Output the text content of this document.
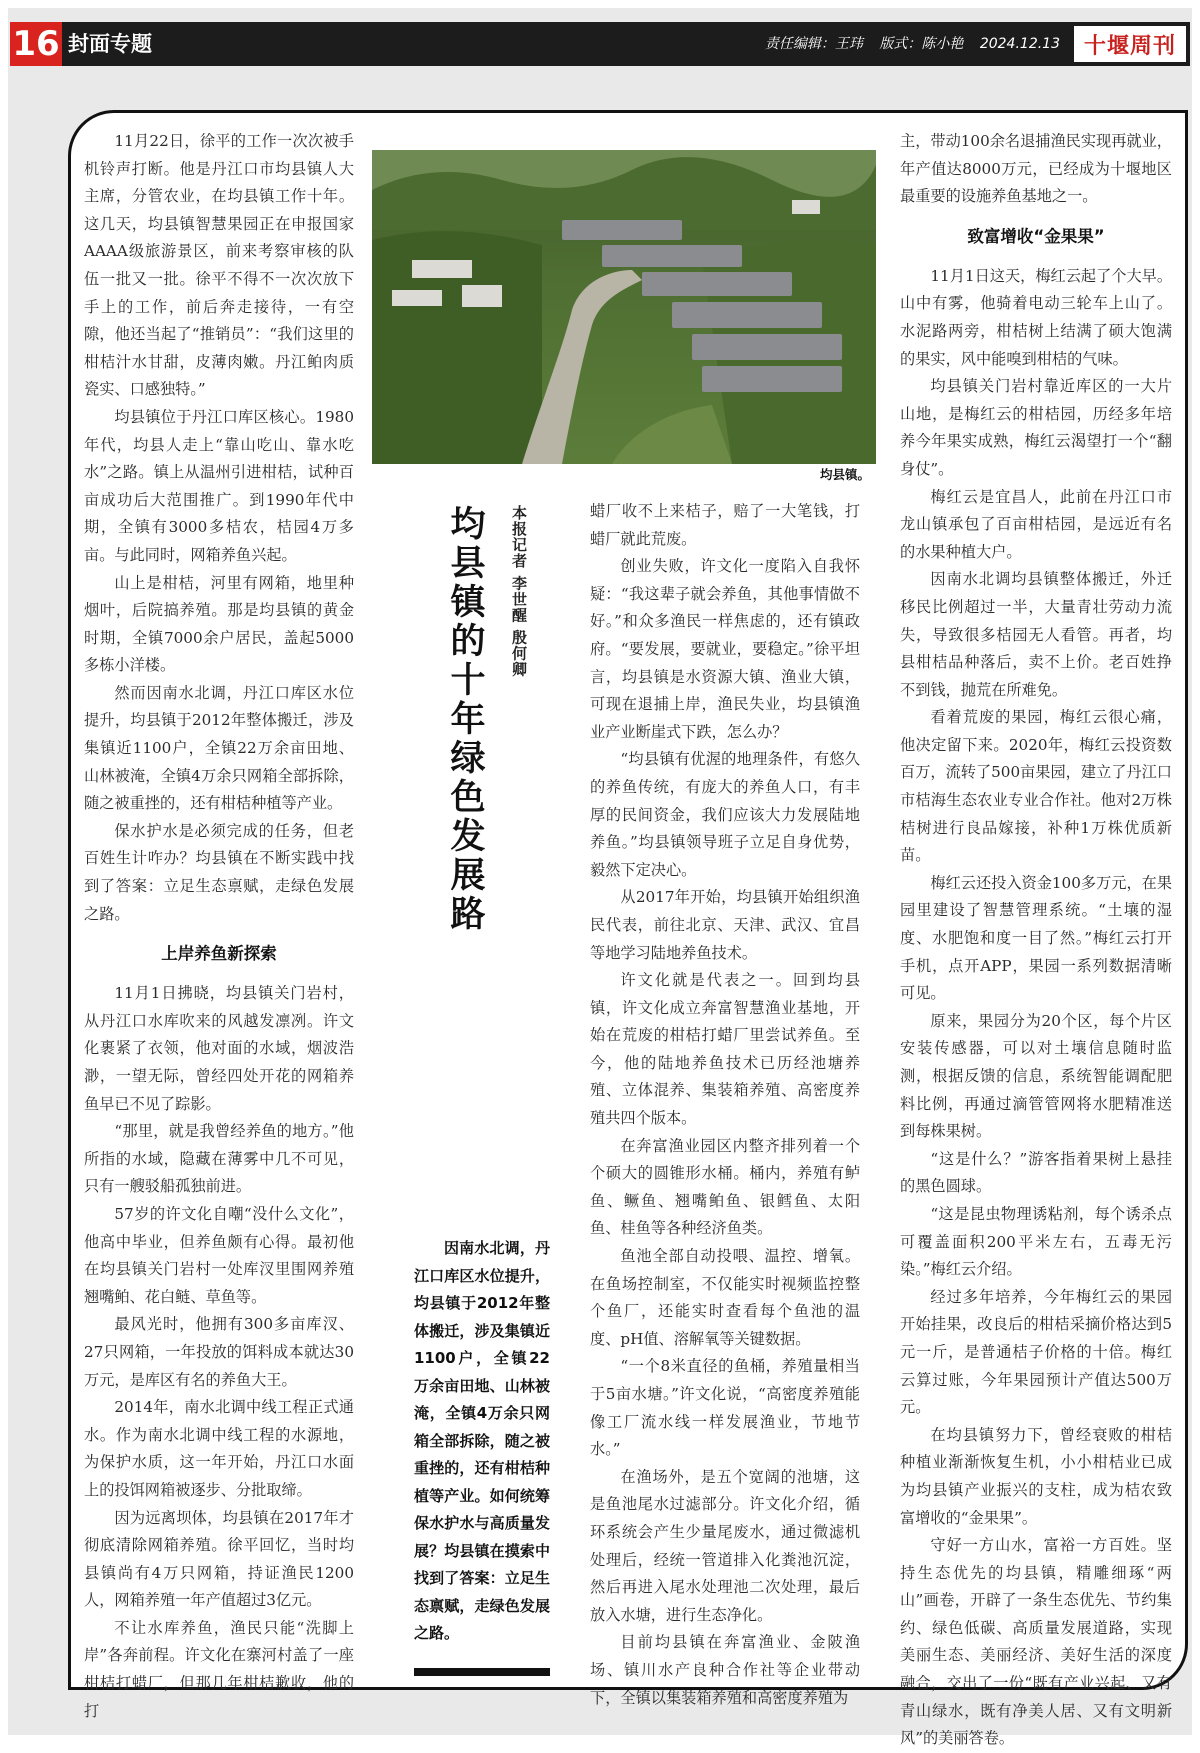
16 封面专题	责任编辑：王玮 版式：陈小艳 2024.12.13	十堰周刊

11月22日，徐平的工作一次次被手机铃声打断。他是丹江口市均县镇人大主席，分管农业，在均县镇工作十年。这几天，均县镇智慧果园正在申报国家AAAA级旅游景区，前来考察审核的队伍一批又一批。徐平不得不一次次放下手上的工作，前后奔走接待，一有空隙，他还当起了“推销员”：“我们这里的柑桔汁水甘甜，皮薄肉嫩。丹江鲌肉质瓷实、口感独特。”

均县镇位于丹江口库区核心。1980年代，均县人走上“靠山吃山、靠水吃水”之路。镇上从温州引进柑桔，试种百亩成功后大范围推广。到1990年代中期，全镇有3000多桔农，桔园4万多亩。与此同时，网箱养鱼兴起。

山上是柑桔，河里有网箱，地里种烟叶，后院搞养殖。那是均县镇的黄金时期，全镇7000余户居民，盖起5000多栋小洋楼。

然而因南水北调，丹江口库区水位提升，均县镇于2012年整体搬迁，涉及集镇近1100户，全镇22万余亩田地、山林被淹，全镇4万余只网箱全部拆除，随之被重挫的，还有柑桔种植等产业。

保水护水是必须完成的任务，但老百姓生计咋办？均县镇在不断实践中找到了答案：立足生态禀赋，走绿色发展之路。

上岸养鱼新探索

11月1日拂晓，均县镇关门岩村，从丹江口水库吹来的风越发凛冽。许文化裹紧了衣领，他对面的水域，烟波浩渺，一望无际，曾经四处开花的网箱养鱼早已不见了踪影。

“那里，就是我曾经养鱼的地方。”他所指的水域，隐藏在薄雾中几不可见，只有一艘驳船孤独前进。

57岁的许文化自嘲“没什么文化”，他高中毕业，但养鱼颇有心得。最初他在均县镇关门岩村一处库汊里围网养殖翘嘴鲌、花白鲢、草鱼等。

最风光时，他拥有300多亩库汊、27只网箱，一年投放的饵料成本就达30万元，是库区有名的养鱼大王。

2014年，南水北调中线工程正式通水。作为南水北调中线工程的水源地，为保护水质，这一年开始，丹江口水面上的投饵网箱被逐步、分批取缔。

因为远离坝体，均县镇在2017年才彻底清除网箱养殖。徐平回忆，当时均县镇尚有4万只网箱，持证渔民1200人，网箱养殖一年产值超过3亿元。

不让水库养鱼，渔民只能“洗脚上岸”各奔前程。许文化在寨河村盖了一座柑桔打蜡厂，但那几年柑桔歉收，他的打

均县镇。
均县镇的十年绿色发展路	本报记者 李世醒 殷何卿	蜡厂收不上来桔子，赔了一大笔钱，打蜡厂就此荒废。

创业失败，许文化一度陷入自我怀疑：“我这辈子就会养鱼，其他事情做不好。”和众多渔民一样焦虑的，还有镇政府。“要发展，要就业，要稳定。”徐平坦言，均县镇是水资源大镇、渔业大镇，可现在退捕上岸，渔民失业，均县镇渔业产业断崖式下跌，怎么办？

“均县镇有优渥的地理条件，有悠久的养鱼传统，有庞大的养鱼人口，有丰厚的民间资金，我们应该大力发展陆地养鱼。”均县镇领导班子立足自身优势，毅然下定决心。

从2017年开始，均县镇开始组织渔民代表，前往北京、天津、武汉、宜昌等地学习陆地养鱼技术。

许文化就是代表之一。回到均县镇，许文化成立奔富智慧渔业基地，开始在荒废的柑桔打蜡厂里尝试养鱼。至今，他的陆地养鱼技术已历经池塘养殖、立体混养、集装箱养殖、高密度养殖共四个版本。

在奔富渔业园区内整齐排列着一个个硕大的圆锥形水桶。桶内，养殖有鲈鱼、鳜鱼、翘嘴鲌鱼、银鳕鱼、太阳鱼、桂鱼等各种经济鱼类。

鱼池全部自动投喂、温控、增氧。在鱼场控制室，不仅能实时视频监控整个鱼厂，还能实时查看每个鱼池的温度、pH值、溶解氧等关键数据。

“一个8米直径的鱼桶，养殖量相当于5亩水塘。”许文化说，“高密度养殖能像工厂流水线一样发展渔业，节地节水。”

在渔场外，是五个宽阔的池塘，这是鱼池尾水过滤部分。许文化介绍，循环系统会产生少量尾废水，通过微滤机处理后，经统一管道排入化粪池沉淀，然后再进入尾水处理池二次处理，最后放入水塘，进行生态净化。

目前均县镇在奔富渔业、金陂渔场、镇川水产良种合作社等企业带动下，全镇以集装箱养殖和高密度养殖为

因南水北调，丹江口库区水位提升，均县镇于2012年整体搬迁，涉及集镇近1100户，全镇22万余亩田地、山林被淹，全镇4万余只网箱全部拆除，随之被重挫的，还有柑桔种植等产业。如何统筹保水护水与高质量发展？均县镇在摸索中找到了答案：立足生态禀赋，走绿色发展之路。

主，带动100余名退捕渔民实现再就业，年产值达8000万元，已经成为十堰地区最重要的设施养鱼基地之一。

致富增收“金果果”

11月1日这天，梅红云起了个大早。山中有雾，他骑着电动三轮车上山了。水泥路两旁，柑桔树上结满了硕大饱满的果实，风中能嗅到柑桔的气味。

均县镇关门岩村靠近库区的一大片山地，是梅红云的柑桔园，历经多年培养今年果实成熟，梅红云渴望打一个“翻身仗”。

梅红云是宜昌人，此前在丹江口市龙山镇承包了百亩柑桔园，是远近有名的水果种植大户。

因南水北调均县镇整体搬迁，外迁移民比例超过一半，大量青壮劳动力流失，导致很多桔园无人看管。再者，均县柑桔品种落后，卖不上价。老百姓挣不到钱，抛荒在所难免。

看着荒废的果园，梅红云很心痛，他决定留下来。2020年，梅红云投资数百万，流转了500亩果园，建立了丹江口市桔海生态农业专业合作社。他对2万株桔树进行良品嫁接，补种1万株优质新苗。

梅红云还投入资金100多万元，在果园里建设了智慧管理系统。“土壤的湿度、水肥饱和度一目了然。”梅红云打开手机，点开APP，果园一系列数据清晰可见。

原来，果园分为20个区，每个片区安装传感器，可以对土壤信息随时监测，根据反馈的信息，系统智能调配肥料比例，再通过滴管管网将水肥精准送到每株果树。

“这是什么？”游客指着果树上悬挂的黑色圆球。

“这是昆虫物理诱粘剂，每个诱杀点可覆盖面积200平米左右，五毒无污染。”梅红云介绍。

经过多年培养，今年梅红云的果园开始挂果，改良后的柑桔采摘价格达到5元一斤，是普通桔子价格的十倍。梅红云算过账，今年果园预计产值达500万元。

在均县镇努力下，曾经衰败的柑桔种植业渐渐恢复生机，小小柑桔业已成为均县镇产业振兴的支柱，成为桔农致富增收的“金果果”。

守好一方山水，富裕一方百姓。坚持生态优先的均县镇，精雕细琢“两山”画卷，开辟了一条生态优先、节约集约、绿色低碳、高质量发展道路，实现美丽生态、美丽经济、美好生活的深度融合，交出了一份“既有产业兴起、又有青山绿水，既有净美人居、又有文明新风”的美丽答卷。
